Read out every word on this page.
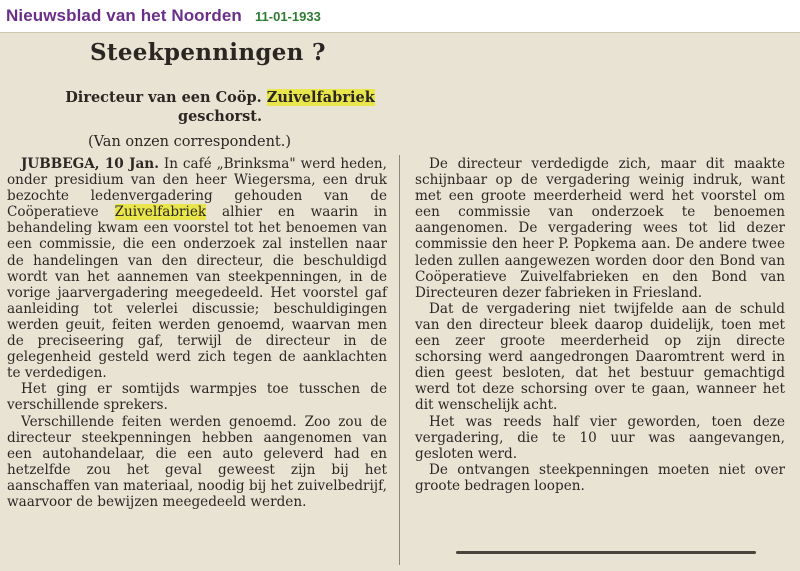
Nieuwsblad van het Noorden 11-01-1933
Steekpenningen ?
Directeur van een Coöp. Zuivelfabriek
geschorst.
(Van onzen correspondent.)

JUBBEGA, 10 Jan. In café „Brinksma" werd heden, onder presidium van den heer Wiegersma, een druk bezochte ledenvergadering gehouden van de Coöperatieve Zuivelfabriek alhier en waarin in behandeling kwam een voorstel tot het benoemen van een commissie, die een onderzoek zal instellen naar de handelingen van den directeur, die beschuldigd wordt van het aannemen van steekpenningen, in de vorige jaarvergadering meegedeeld. Het voorstel gaf aanleiding tot velerlei discussie; beschuldigingen werden geuit, feiten werden genoemd, waarvan men de preciseering gaf, terwijl de directeur in de gelegenheid gesteld werd zich tegen de aanklachten te verdedigen.

Het ging er somtijds warmpjes toe tusschen de verschillende sprekers.

Verschillende feiten werden genoemd. Zoo zou de directeur steekpenningen hebben aangenomen van een autohandelaar, die een auto geleverd had en hetzelfde zou het geval geweest zijn bij het aanschaffen van materiaal, noodig bij het zuivelbedrijf, waarvoor de bewijzen meegedeeld werden.

De directeur verdedigde zich, maar dit maakte schijnbaar op de vergadering weinig indruk, want met een groote meerderheid werd het voorstel om een commissie van onderzoek te benoemen aangenomen. De vergadering wees tot lid dezer commissie den heer P. Popkema aan. De andere twee leden zullen aangewezen worden door den Bond van Coöperatieve Zuivelfabrieken en den Bond van Directeuren dezer fabrieken in Friesland.

Dat de vergadering niet twijfelde aan de schuld van den directeur bleek daarop duidelijk, toen met een zeer groote meerderheid op zijn directe schorsing werd aangedrongen Daaromtrent werd in dien geest besloten, dat het bestuur gemachtigd werd tot deze schorsing over te gaan, wanneer het dit wenschelijk acht.

Het was reeds half vier geworden, toen deze vergadering, die te 10 uur was aangevangen, gesloten werd.

De ontvangen steekpenningen moeten niet over groote bedragen loopen.
